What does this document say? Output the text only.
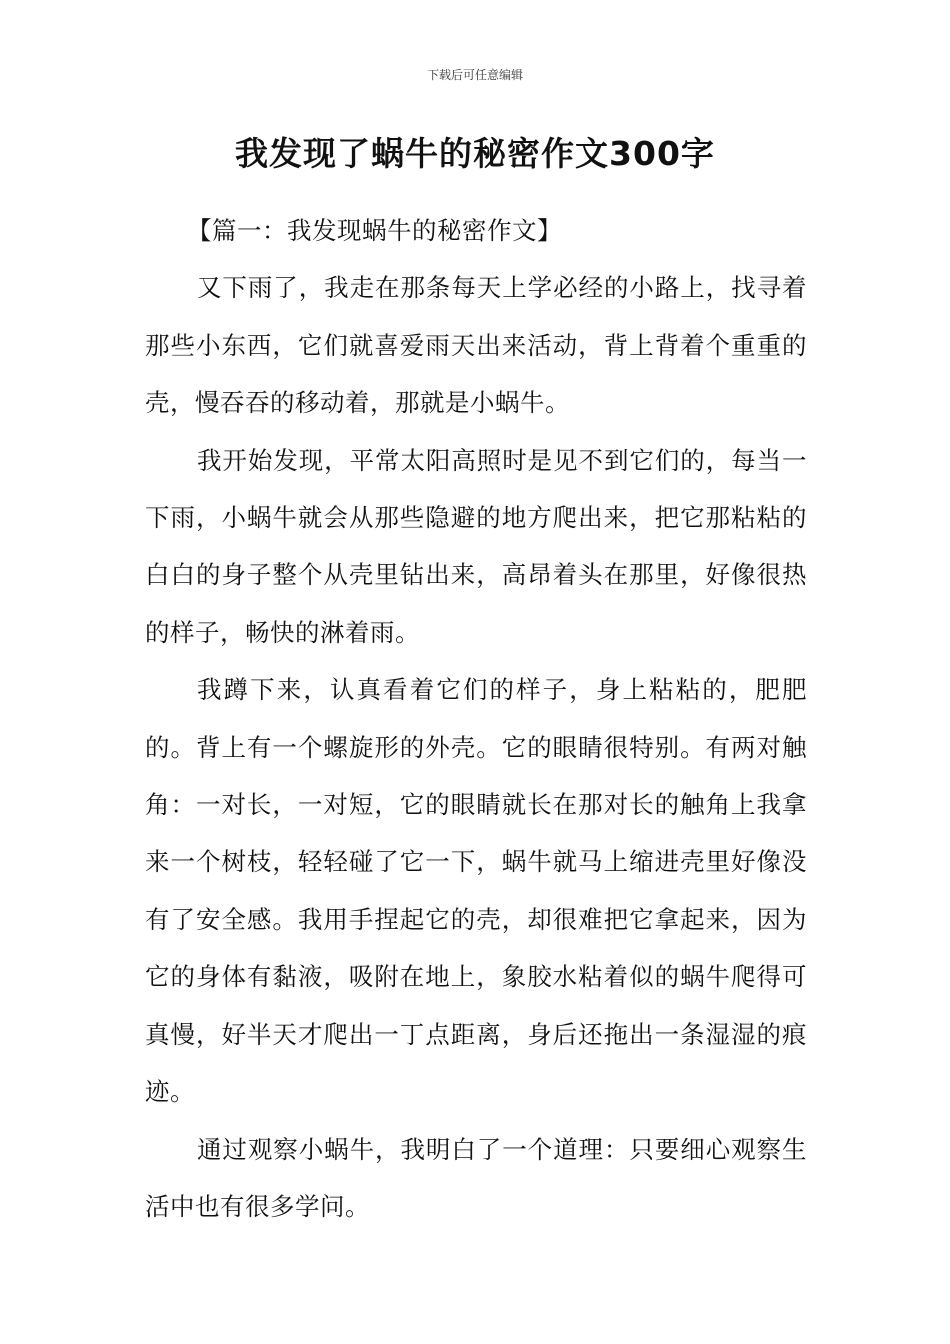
下载后可任意编辑
我发现了蜗牛的秘密作文300字

【篇一：我发现蜗牛的秘密作文】

又下雨了，我走在那条每天上学必经的小路上，找寻着那些小东西，它们就喜爱雨天出来活动，背上背着个重重的壳，慢吞吞的移动着，那就是小蜗牛。

我开始发现，平常太阳高照时是见不到它们的，每当一下雨，小蜗牛就会从那些隐避的地方爬出来，把它那粘粘的白白的身子整个从壳里钻出来，高昂着头在那里，好像很热的样子，畅快的淋着雨。

我蹲下来，认真看着它们的样子，身上粘粘的，肥肥的。背上有一个螺旋形的外壳。它的眼睛很特别。有两对触角：一对长，一对短，它的眼睛就长在那对长的触角上我拿来一个树枝，轻轻碰了它一下，蜗牛就马上缩进壳里好像没有了安全感。我用手捏起它的壳，却很难把它拿起来，因为它的身体有黏液，吸附在地上，象胶水粘着似的蜗牛爬得可真慢，好半天才爬出一丁点距离，身后还拖出一条湿湿的痕迹。

通过观察小蜗牛，我明白了一个道理：只要细心观察生活中也有很多学问。
